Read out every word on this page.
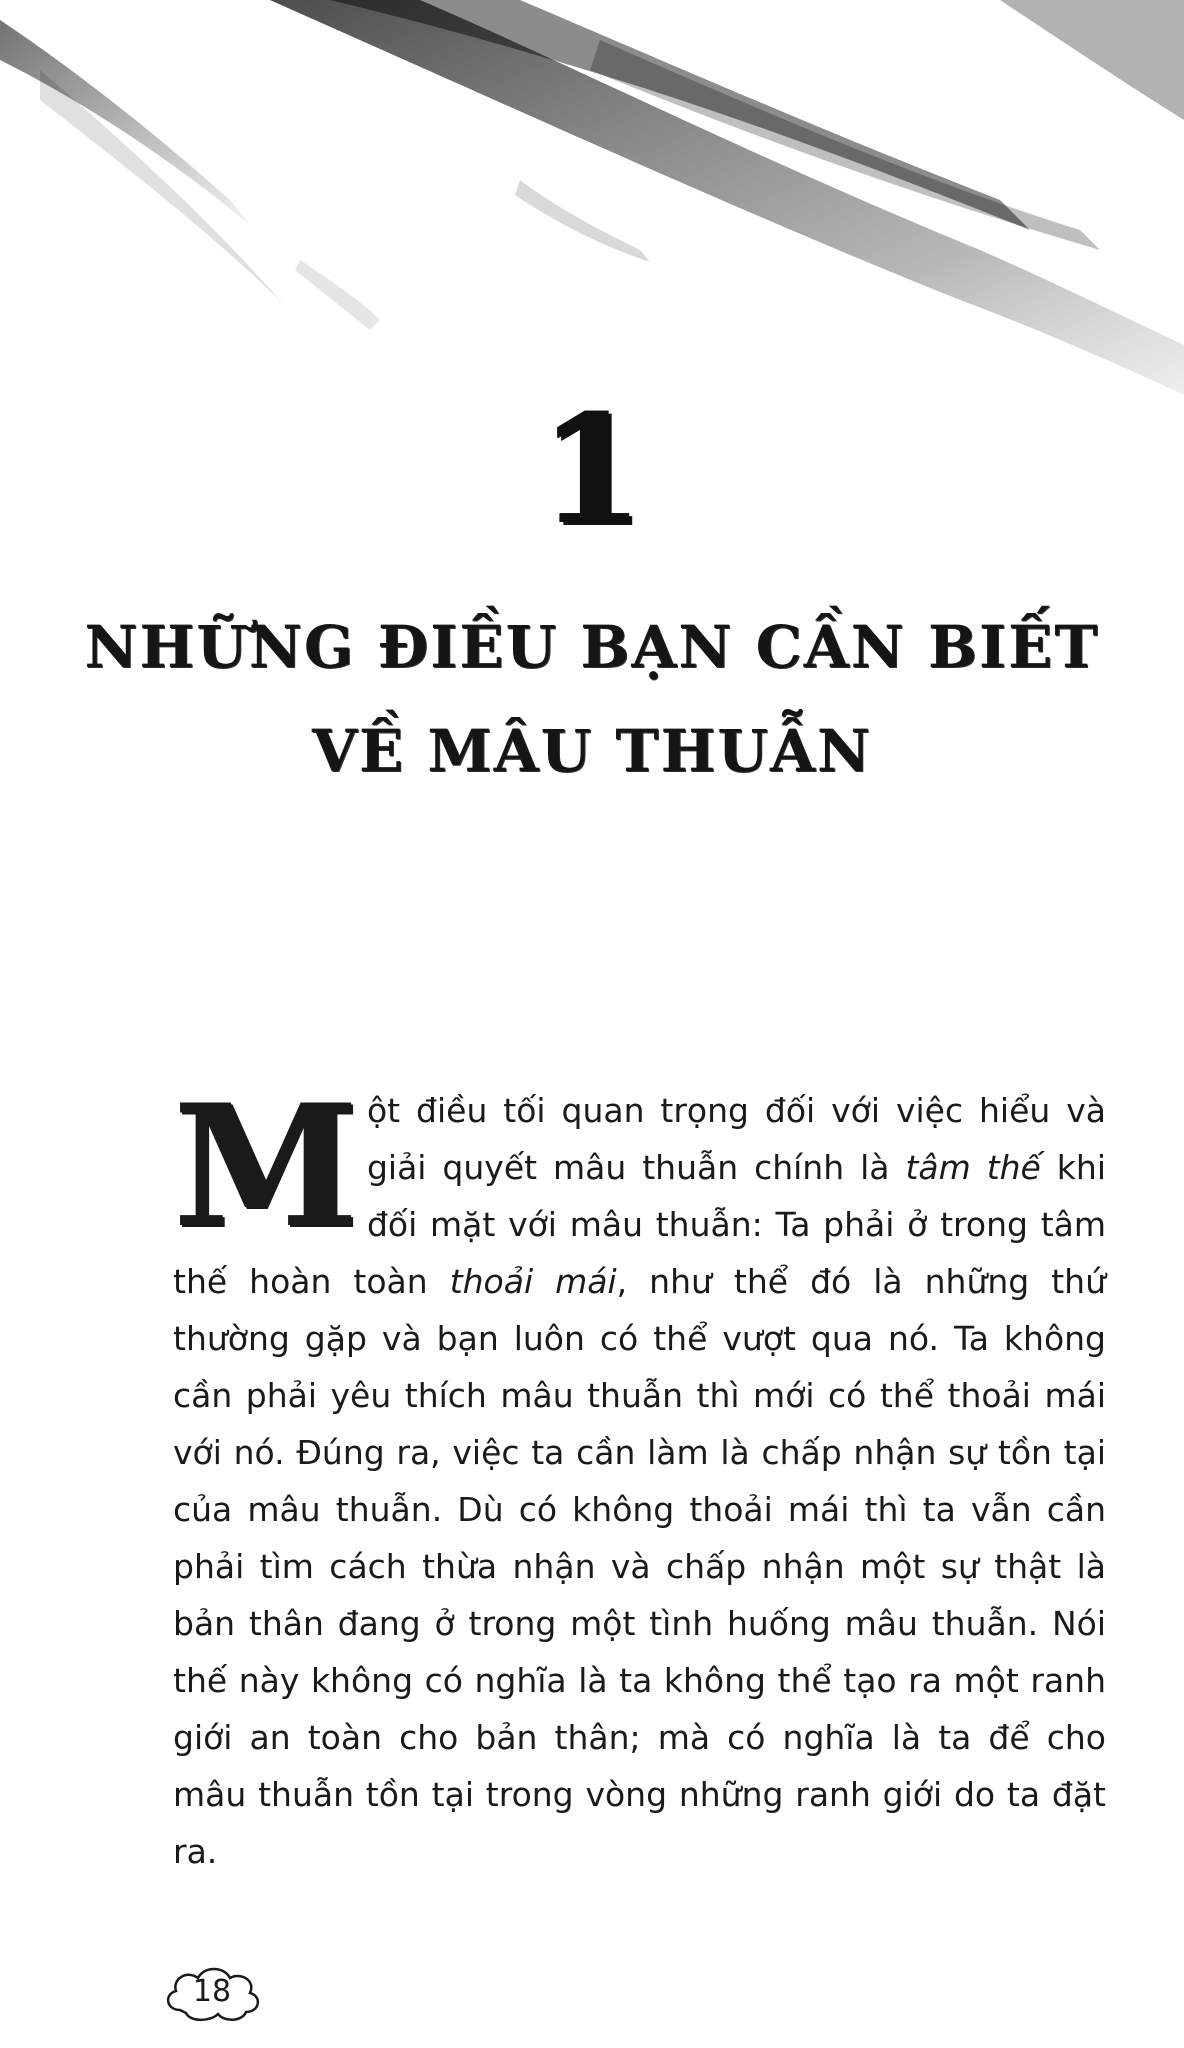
1
NHỮNG ĐIỀU BẠN CẦN BIẾT
VỀ MÂU THUẪN
Một điều tối quan trọng đối với việc hiểu và giải quyết mâu thuẫn chính là tâm thế khi đối mặt với mâu thuẫn: Ta phải ở trong tâm thế hoàn toàn thoải mái, như thể đó là những thứ thường gặp và bạn luôn có thể vượt qua nó. Ta không cần phải yêu thích mâu thuẫn thì mới có thể thoải mái với nó. Đúng ra, việc ta cần làm là chấp nhận sự tồn tại của mâu thuẫn. Dù có không thoải mái thì ta vẫn cần phải tìm cách thừa nhận và chấp nhận một sự thật là bản thân đang ở trong một tình huống mâu thuẫn. Nói thế này không có nghĩa là ta không thể tạo ra một ranh giới an toàn cho bản thân; mà có nghĩa là ta để cho mâu thuẫn tồn tại trong vòng những ranh giới do ta đặt ra.
18
